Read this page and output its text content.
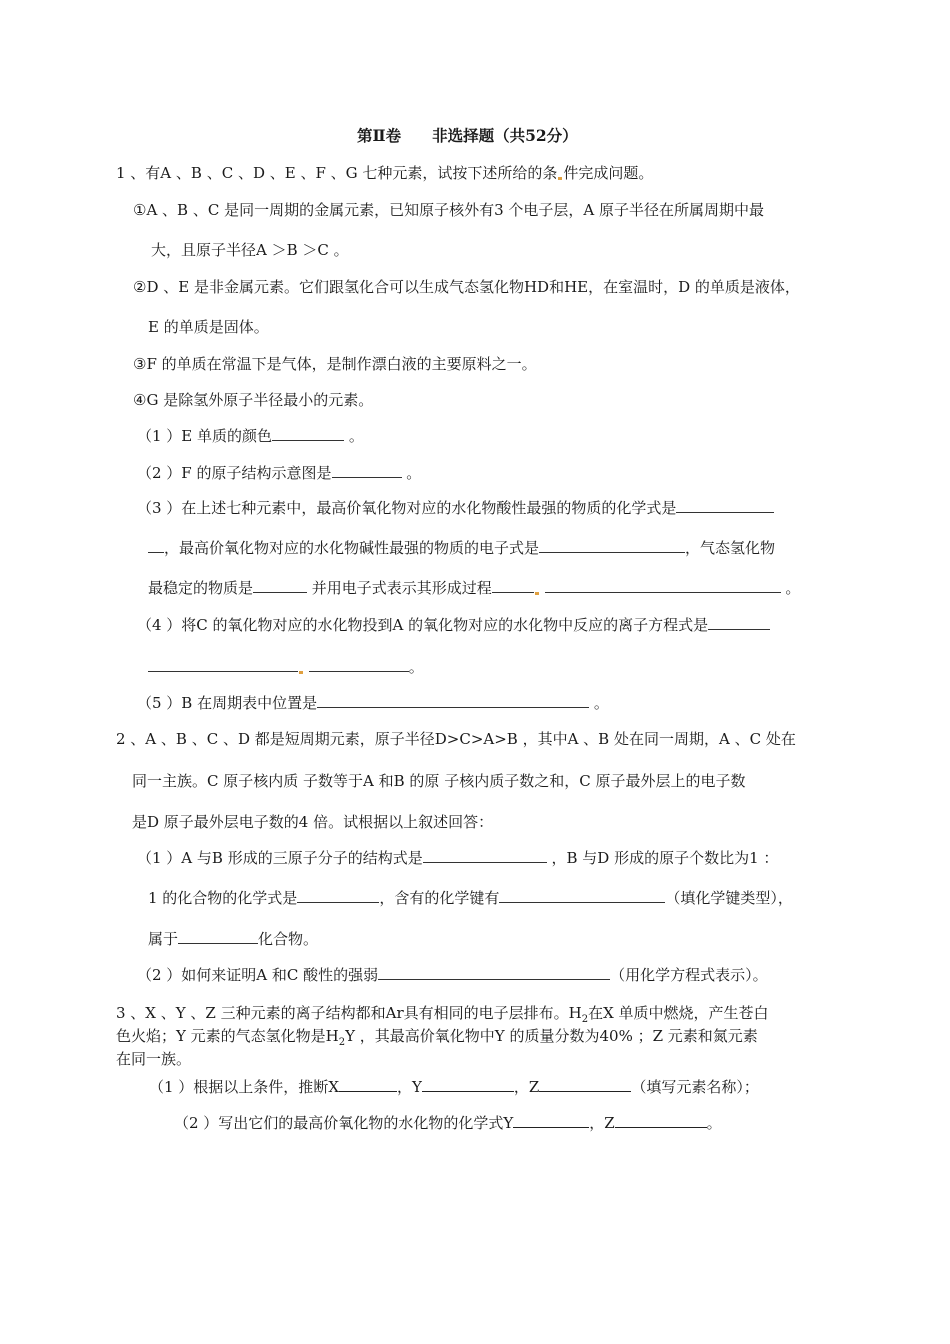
第Ⅱ卷　　非选择题（共52分）
1 、有A 、B 、C 、D 、E 、F 、G 七种元素，试按下述所给的条 件完成问题。
①A 、B 、C 是同一周期的金属元素，已知原子核外有3 个电子层，A 原子半径在所属周期中最
大，且原子半径A ＞B ＞C 。
②D 、E 是非金属元素。它们跟氢化合可以生成气态氢化物HD和HE，在室温时，D 的单质是液体，
E 的单质是固体。
③F 的单质在常温下是气体，是制作漂白液的主要原料之一。
④G 是除氢外原子半径最小的元素。
（1 ）E 单质的颜色	。
（2 ）F 的原子结构示意图是	。
（3 ）在上述七种元素中，最高价氧化物对应的水化物酸性最强的物质的化学式是
，最高价氧化物对应的水化物碱性最强的物质的电子式是	，气态氢化物
最稳定的物质是	并用电子式表示其形成过程	。
（4 ）将C 的氧化物对应的水化物投到A 的氧化物对应的水化物中反应的离子方程式是
。
（5 ）B 在周期表中位置是	。
2 、A 、B 、C 、D 都是短周期元素，原子半径D>C>A>B ，其中A 、B 处在同一周期，A 、C 处在
同一主族。C 原子核内质 子数等于A 和B 的原 子核内质子数之和，C 原子最外层上的电子数
是D 原子最外层电子数的4 倍。试根据以上叙述回答：
（1 ）A 与B 形成的三原子分子的结构式是	，B 与D 形成的原子个数比为1 ：
1 的化合物的化学式是	，含有的化学键有	（填化学键类型），
属于	化合物。
（2 ）如何来证明A 和C 酸性的强弱	（用化学方程式表示）。
3 、X 、Y 、Z 三种元素的离子结构都和Ar具有相同的电子层排布。$H_2$在X 单质中燃烧，产生苍白
色火焰；Y 元素的气态氢化物是$H_2Y$ ，其最高价氧化物中Y 的质量分数为40% ；Z 元素和氮元素
在同一族。
（1 ）根据以上条件，推断X	，Y	，Z	（填写元素名称）；
（2 ）写出它们的最高价氧化物的水化物的化学式Y	，Z	。
